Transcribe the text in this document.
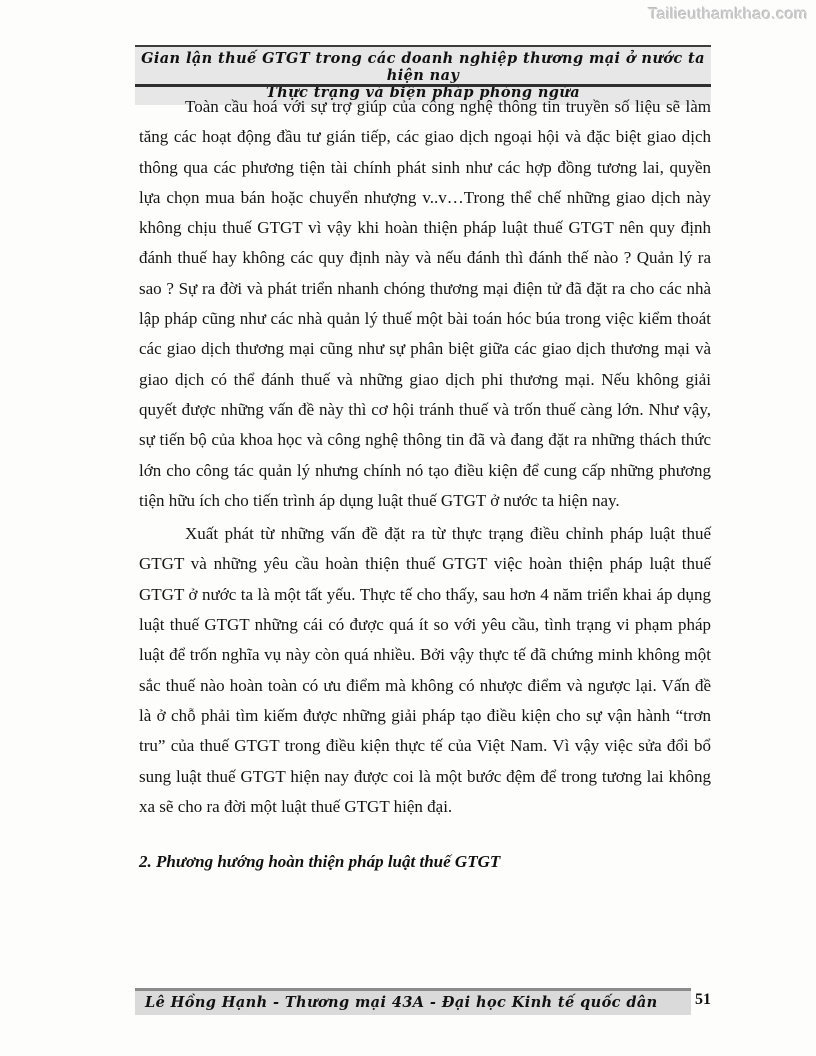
Tailieuthamkhao.com
Gian lận thuế GTGT trong các doanh nghiệp thương mại ở nước ta hiện nay
Thực trạng và biện pháp phòng ngừa

Toàn cầu hoá với sự trợ giúp của công nghệ thông tin truyền số liệu sẽ làm tăng các hoạt động đầu tư gián tiếp, các giao dịch ngoại hội và đặc biệt giao dịch thông qua các phương tiện tài chính phát sinh như các hợp đồng tương lai, quyền lựa chọn mua bán hoặc chuyển nhượng v..v…Trong thể chế những giao dịch này không chịu thuế GTGT vì vậy khi hoàn thiện pháp luật thuế GTGT nên quy định đánh thuế hay không các quy định này và nếu đánh thì đánh thế nào ? Quản lý ra sao ? Sự ra đời và phát triển nhanh chóng thương mại điện tử đã đặt ra cho các nhà lập pháp cũng như các nhà quản lý thuế một bài toán hóc búa trong việc kiểm thoát các giao dịch thương mại cũng như sự phân biệt giữa các giao dịch thương mại và giao dịch có thể đánh thuế và những giao dịch phi thương mại. Nếu không giải quyết được những vấn đề này thì cơ hội tránh thuế và trốn thuế càng lớn. Như vậy, sự tiến bộ của khoa học và công nghệ thông tin đã và đang đặt ra những thách thức lớn cho công tác quản lý nhưng chính nó tạo điều kiện để cung cấp những phương tiện hữu ích cho tiến trình áp dụng luật thuế GTGT ở nước ta hiện nay.

Xuất phát từ những vấn đề đặt ra từ thực trạng điều chỉnh pháp luật thuế GTGT và những yêu cầu hoàn thiện thuế GTGT việc hoàn thiện pháp luật thuế GTGT ở nước ta là một tất yếu. Thực tế cho thấy, sau hơn 4 năm triển khai áp dụng luật thuế GTGT những cái có được quá ít so với yêu cầu, tình trạng vi phạm pháp luật để trốn nghĩa vụ này còn quá nhiều. Bởi vậy thực tế đã chứng minh không một sắc thuế nào hoàn toàn có ưu điểm mà không có nhược điểm và ngược lại. Vấn đề là ở chỗ phải tìm kiếm được những giải pháp tạo điều kiện cho sự vận hành “trơn tru” của thuế GTGT trong điều kiện thực tế của Việt Nam. Vì vậy việc sửa đổi bổ sung luật thuế GTGT hiện nay được coi là một bước đệm để trong tương lai không xa sẽ cho ra đời một luật thuế GTGT hiện đại.

2. Phương hướng hoàn thiện pháp luật thuế GTGT
Lê Hồng Hạnh - Thương mại 43A - Đại học Kinh tế quốc dân	51
